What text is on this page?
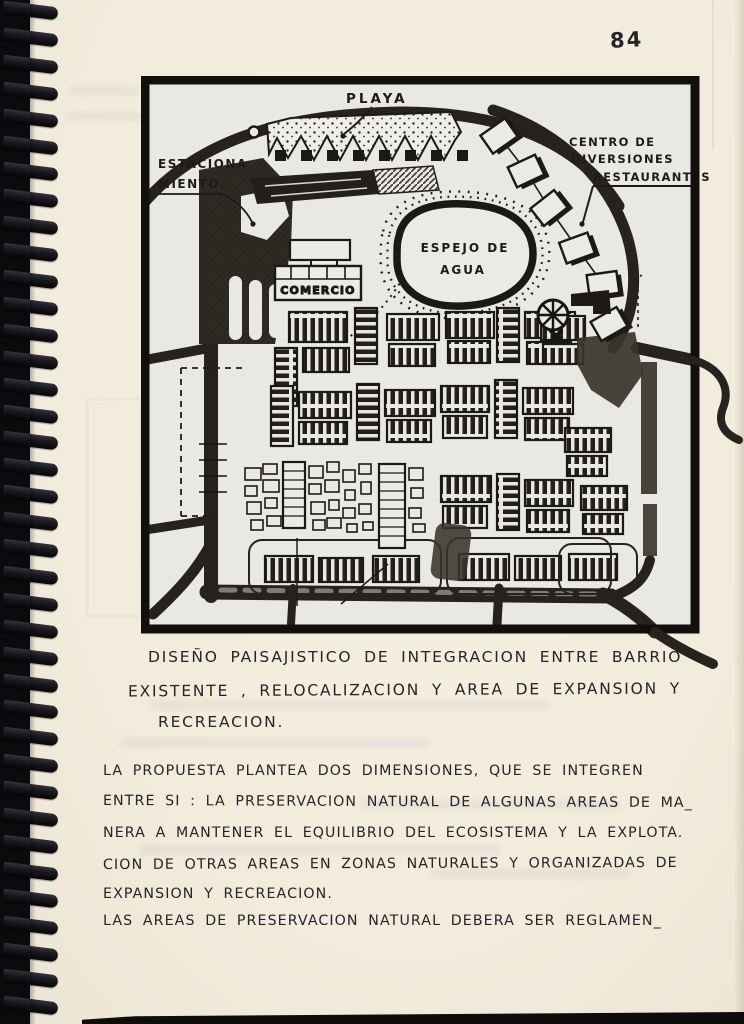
84
COMERCIO
ESPEJO DE
AGUA
PLAYA
ESTACIONA
MIENTO.
CENTRO DE
DIVERSIONES
RESTAURANTES
DISEÑO PAISAJISTICO DE INTEGRACION ENTRE BARRIO
EXISTENTE , RELOCALIZACION Y AREA DE EXPANSION Y
RECREACION.
LA PROPUESTA PLANTEA DOS DIMENSIONES, QUE SE INTEGREN
ENTRE SI : LA PRESERVACION NATURAL DE ALGUNAS AREAS DE MA_
NERA A MANTENER EL EQUILIBRIO DEL ECOSISTEMA Y LA EXPLOTA.
CION DE OTRAS AREAS EN ZONAS NATURALES Y ORGANIZADAS DE
EXPANSION Y RECREACION.
LAS AREAS DE PRESERVACION NATURAL DEBERA SER REGLAMEN_
